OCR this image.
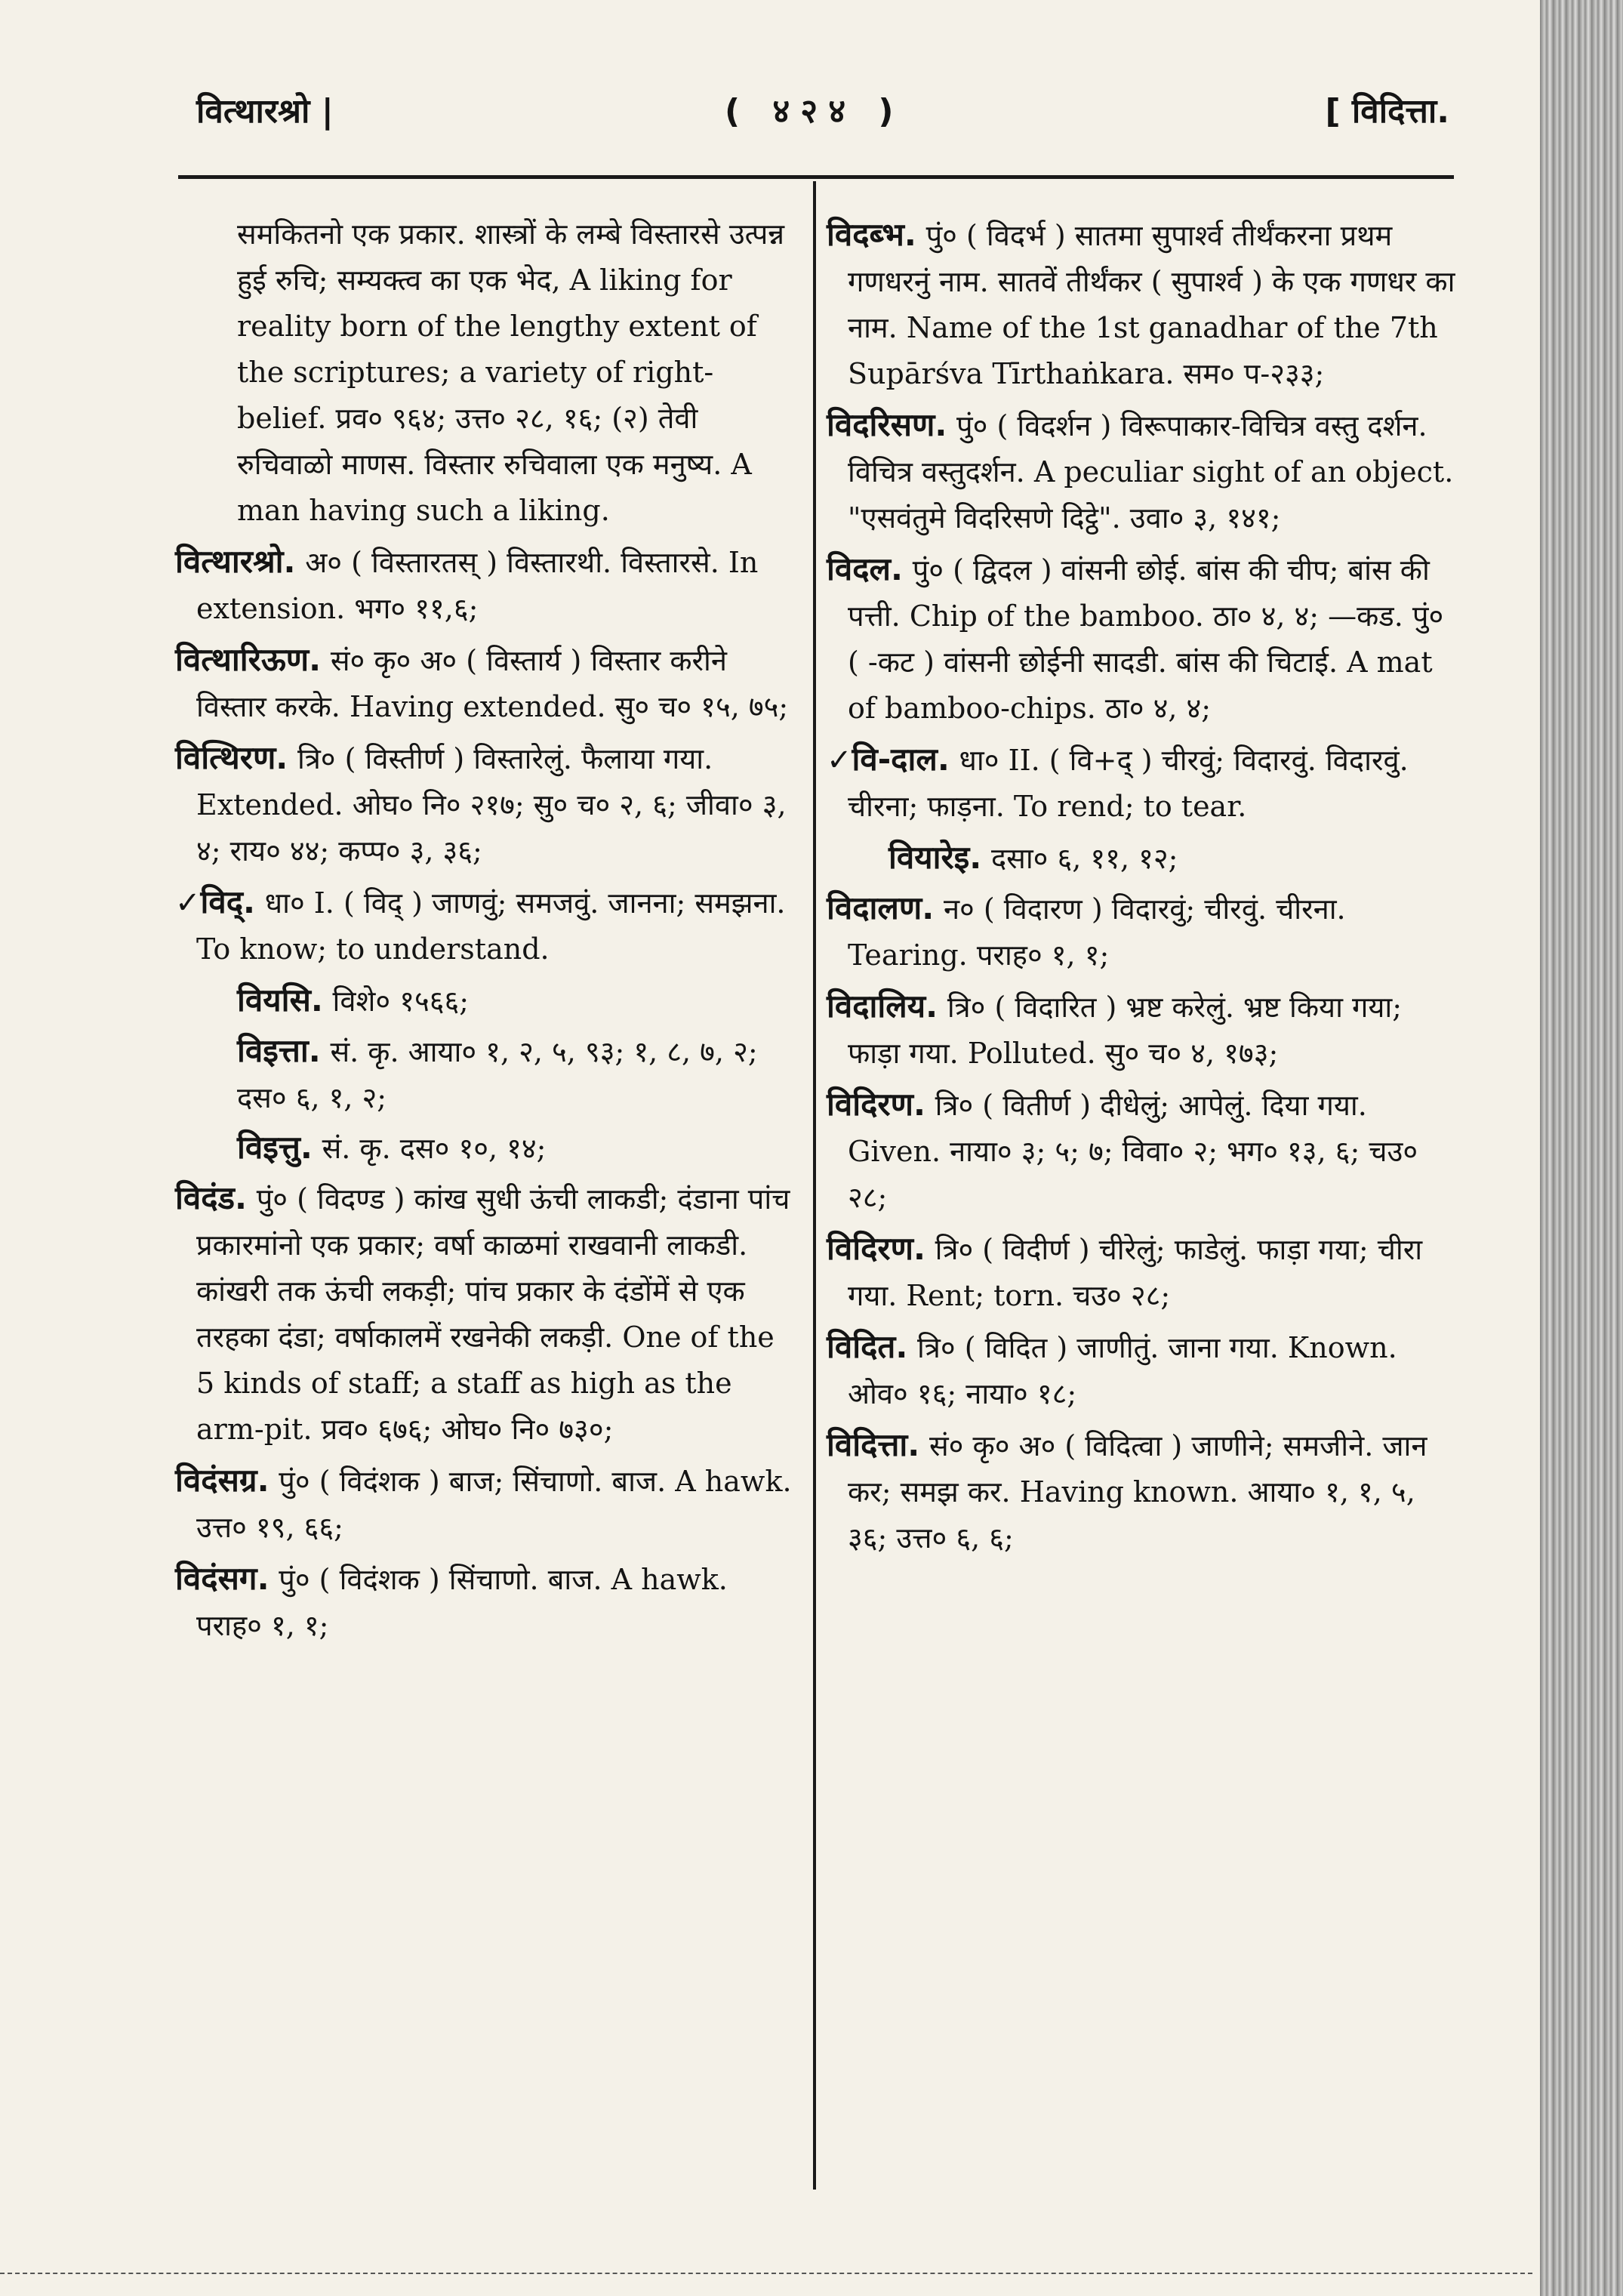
वित्थारश्रो |	( ४२४ )	[ विदित्ता.

समकितनो एक प्रकार. शास्त्रों के लम्बे विस्तारसे उत्पन्न हुई रुचि; सम्यक्त्व का एक भेद, A liking for reality born of the lengthy extent of the scriptures; a variety of right-belief. प्रव० ९६४; उत्त० २८, १६; (२) तेवी रुचिवाळो माणस. विस्तार रुचिवाला एक मनुष्य. A man having such a liking.

वित्थारश्रो. अ० ( विस्तारतस् ) विस्तारथी. विस्तारसे. In extension. भग० ११,६;

वित्थारिऊण. सं० कृ० अ० ( विस्तार्य ) विस्तार करीने विस्तार करके. Having extended. सु० च० १५, ७५;

वित्थिरण. त्रि० ( विस्तीर्ण ) विस्तारेलुं. फैलाया गया. Extended. ओघ० नि० २१७; सु० च० २, ६; जीवा० ३, ४; राय० ४४; कप्प० ३, ३६;

✓विद्. धा० I. ( विद् ) जाणवुं; समजवुं. जानना; समझना. To know; to understand.

वियसि. विशे० १५६६;

विइत्ता. सं. कृ. आया० १, २, ५, ९३; १, ८, ७, २; दस० ६, १, २;

विइत्तु. सं. कृ. दस० १०, १४;

विदंड. पुं० ( विदण्ड ) कांख सुधी ऊंची लाकडी; दंडाना पांच प्रकारमांनो एक प्रकार; वर्षा काळमां राखवानी लाकडी. कांखरी तक ऊंची लकड़ी; पांच प्रकार के दंडोंमें से एक तरहका दंडा; वर्षाकालमें रखनेकी लकड़ी. One of the 5 kinds of staff; a staff as high as the arm-pit. प्रव० ६७६; ओघ० नि० ७३०;

विदंसग्र. पुं० ( विदंशक ) बाज; सिंचाणो. बाज. A hawk. उत्त० १९, ६६;

विदंसग. पुं० ( विदंशक ) सिंचाणो. बाज. A hawk. पराह० १, १;

विदब्भ. पुं० ( विदर्भ ) सातमा सुपार्श्व तीर्थंकरना प्रथम गणधरनुं नाम. सातवें तीर्थंकर ( सुपार्श्व ) के एक गणधर का नाम. Name of the 1st ganadhar of the 7th Supārśva Tīrthaṅkara. सम० प-२३३;

विदरिसण. पुं० ( विदर्शन ) विरूपाकार-विचित्र वस्तु दर्शन. विचित्र वस्तुदर्शन. A peculiar sight of an object. "एसवंतुमे विदरिसणे दिट्ठे". उवा० ३, १४१;

विदल. पुं० ( द्विदल ) वांसनी छोई. बांस की चीप; बांस की पत्ती. Chip of the bamboo. ठा० ४, ४; —कड. पुं० ( -कट ) वांसनी छोईनी सादडी. बांस की चिटाई. A mat of bamboo-chips. ठा० ४, ४;

✓वि-दाल. धा० II. ( वि+द् ) चीरवुं; विदारवुं. विदारवुं. चीरना; फाड़ना. To rend; to tear.

वियारेइ. दसा० ६, ११, १२;

विदालण. न० ( विदारण ) विदारवुं; चीरवुं. चीरना. Tearing. पराह० १, १;

विदालिय. त्रि० ( विदारित ) भ्रष्ट करेलुं. भ्रष्ट किया गया; फाड़ा गया. Polluted. सु० च० ४, १७३;

विदिरण. त्रि० ( वितीर्ण ) दीधेलुं; आपेलुं. दिया गया. Given. नाया० ३; ५; ७; विवा० २; भग० १३, ६; चउ० २८;

विदिरण. त्रि० ( विदीर्ण ) चीरेलुं; फाडेलुं. फाड़ा गया; चीरा गया. Rent; torn. चउ० २८;

विदित. त्रि० ( विदित ) जाणीतुं. जाना गया. Known. ओव० १६; नाया० १८;

विदित्ता. सं० कृ० अ० ( विदित्वा ) जाणीने; समजीने. जान कर; समझ कर. Having known. आया० १, १, ५, ३६; उत्त० ६, ६;
